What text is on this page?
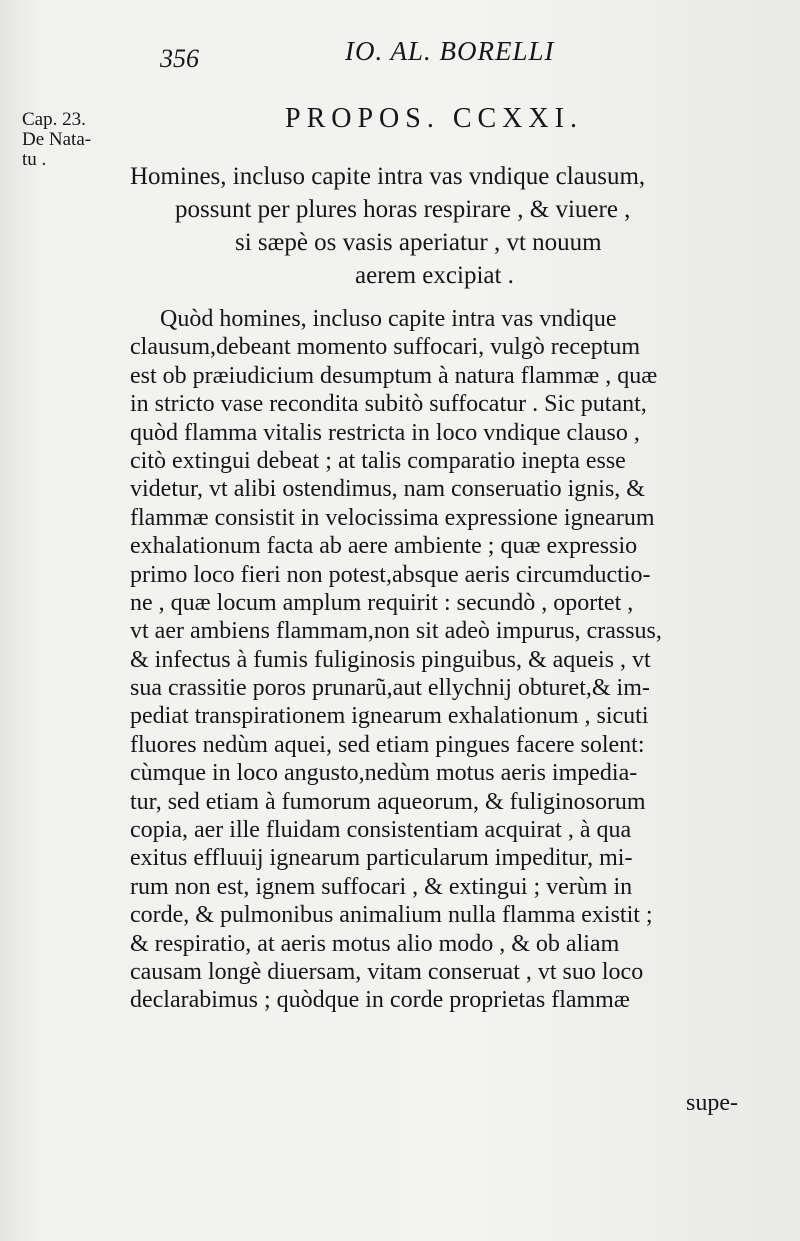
356	IO. AL. BORELLI
Cap. 23.
De Nata-
tu .
PROPOS. CCXXI.
Homines, incluso capite intra vas vndique clausum,
possunt per plures horas respirare , & viuere ,
si sæpè os vasis aperiatur , vt nouum
aerem excipiat .
Quòd homines, incluso capite intra vas vndique
clausum,debeant momento suffocari, vulgò receptum
est ob præiudicium desumptum à natura flammæ , quæ
in stricto vase recondita subitò suffocatur . Sic putant,
quòd flamma vitalis restricta in loco vndique clauso ,
citò extingui debeat ; at talis comparatio inepta esse
videtur, vt alibi ostendimus, nam conseruatio ignis, &
flammæ consistit in velocissima expressione ignearum
exhalationum facta ab aere ambiente ; quæ expressio
primo loco fieri non potest,absque aeris circumductio-
ne , quæ locum amplum requirit : secundò , oportet ,
vt aer ambiens flammam,non sit adeò impurus, crassus,
& infectus à fumis fuliginosis pinguibus, & aqueis , vt
sua crassitie poros prunarũ,aut ellychnij obturet,& im-
pediat transpirationem ignearum exhalationum , sicuti
fluores nedùm aquei, sed etiam pingues facere solent:
cùmque in loco angusto,nedùm motus aeris impedia-
tur, sed etiam à fumorum aqueorum, & fuliginosorum
copia, aer ille fluidam consistentiam acquirat , à qua
exitus effluuij ignearum particularum impeditur, mi-
rum non est, ignem suffocari , & extingui ; verùm in
corde, & pulmonibus animalium nulla flamma existit ;
& respiratio, at aeris motus alio modo , & ob aliam
causam longè diuersam, vitam conseruat , vt suo loco
declarabimus ; quòdque in corde proprietas flammæ
supe-
